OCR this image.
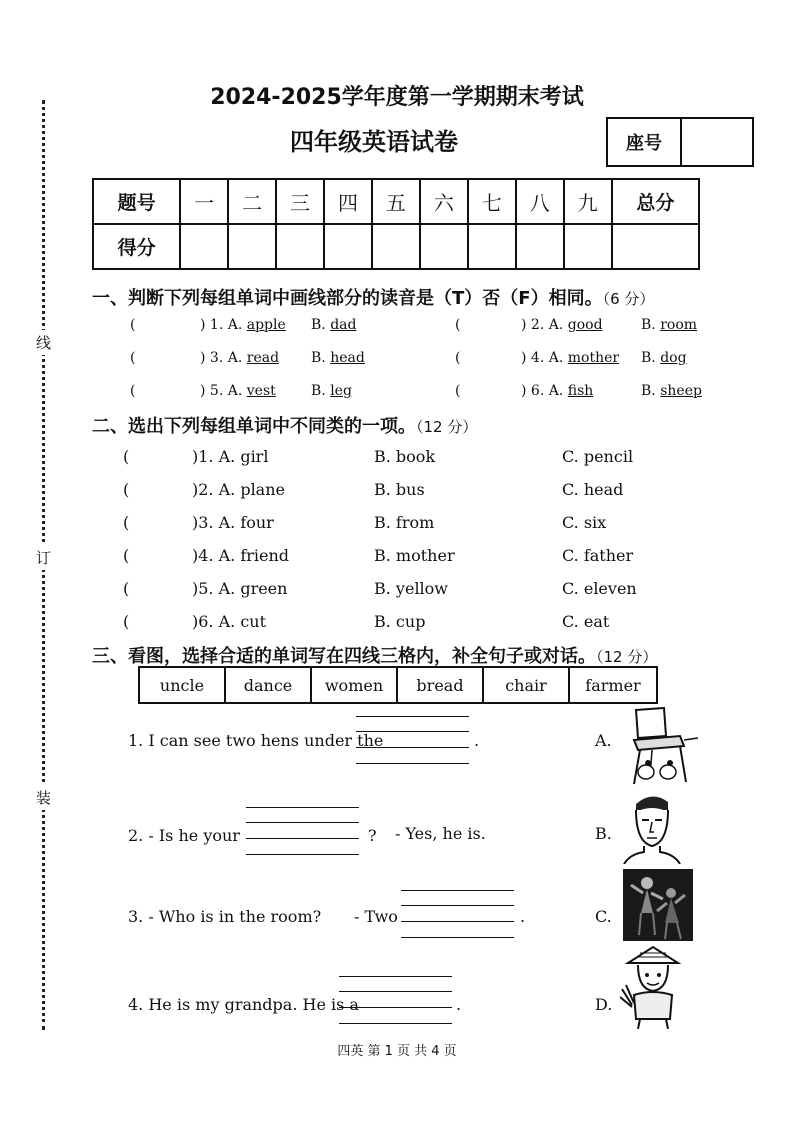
线
订
装
2024-2025学年度第一学期期末考试
四年级英语试卷	座号
题号	一	二	三	四	五	六	七	八	九	总分
得分										
一、判断下列每组单词中画线部分的读音是（T）否（F）相同。（6 分）
(	) 1. A. apple B. dad	(	) 2. A. good	B. room
(	) 3. A. read B. head	(	) 4. A. mother B. dog
(	) 5. A. vest	B. leg	(	) 6. A. fish	B. sheep
二、选出下列每组单词中不同类的一项。（12 分）
(	)1. A. girl	B. book	C. pencil
(	)2. A. plane	B. bus	C. head
(	)3. A. four	B. from	C. six
(	)4. A. friend	B. mother	C. father
(	)5. A. green	B. yellow	C. eleven
(	)6. A. cut	B. cup	C. eat
三、看图，选择合适的单词写在四线三格内，补全句子或对话。（12 分）
uncle	dance	women	bread	chair	farmer
1. I can see two hens under the	.	A.
2. - Is he your	? - Yes, he is.	B.
3. - Who is in the room? - Two	.	C.
4. He is my grandpa. He is a	.	D.
四英 第 1 页 共 4 页
